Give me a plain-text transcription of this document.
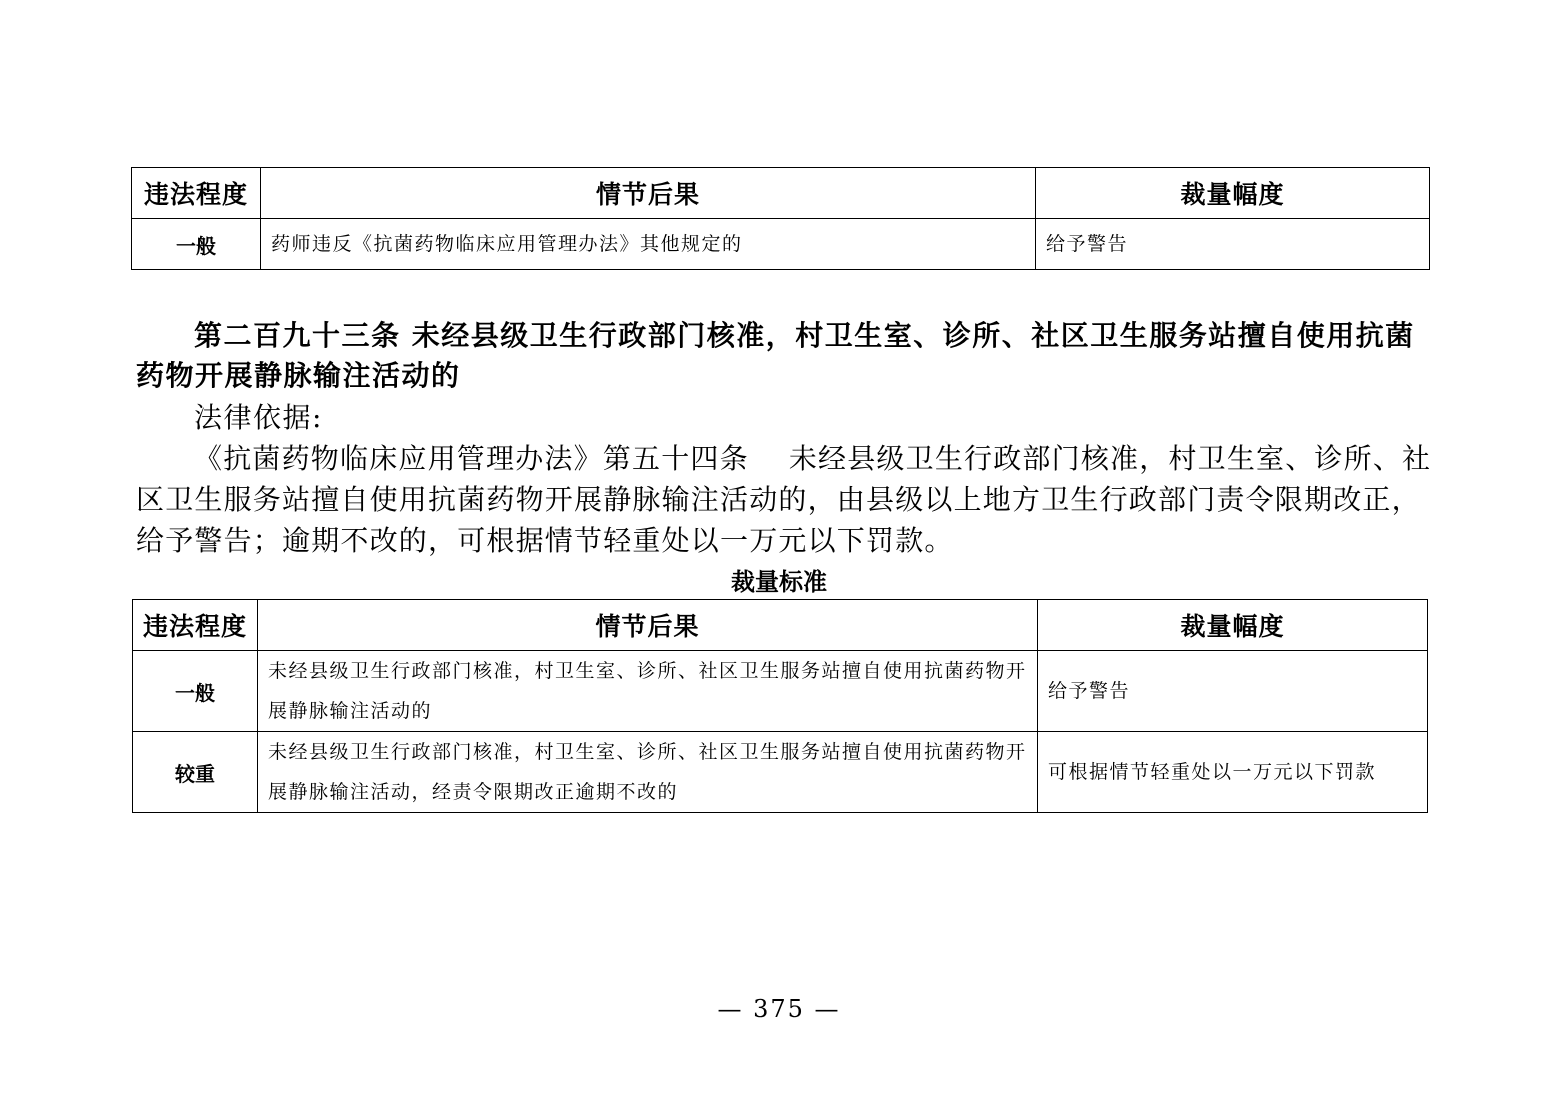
违法程度	情节后果	裁量幅度
一般	药师违反《抗菌药物临床应用管理办法》其他规定的	给予警告

第二百九十三条 未经县级卫生行政部门核准，村卫生室、诊所、社区卫生服务站擅自使用抗菌药物开展静脉输注活动的

法律依据:

《抗菌药物临床应用管理办法》第五十四条 未经县级卫生行政部门核准，村卫生室、诊所、社区卫生服务站擅自使用抗菌药物开展静脉输注活动的，由县级以上地方卫生行政部门责令限期改正，给予警告；逾期不改的，可根据情节轻重处以一万元以下罚款。

裁量标准

违法程度	情节后果	裁量幅度
一般	未经县级卫生行政部门核准，村卫生室、诊所、社区卫生服务站擅自使用抗菌药物开展静脉输注活动的	给予警告
较重	未经县级卫生行政部门核准，村卫生室、诊所、社区卫生服务站擅自使用抗菌药物开展静脉输注活动，经责令限期改正逾期不改的	可根据情节轻重处以一万元以下罚款
— 375 —
